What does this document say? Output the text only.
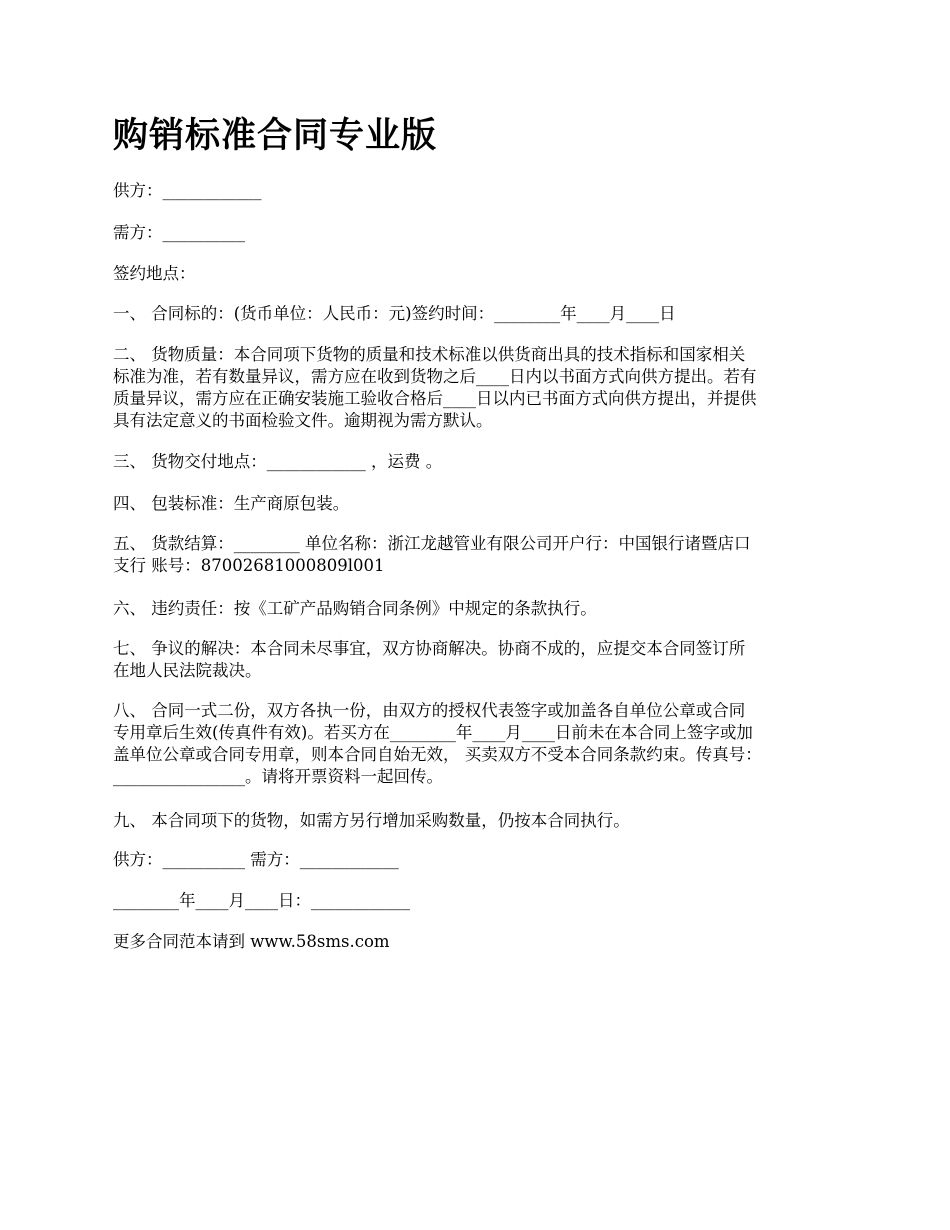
购销标准合同专业版

供方：____________

需方：__________

签约地点：

一、 合同标的：(货币单位：人民币：元)签约时间：________年____月____日

二、 货物质量：本合同项下货物的质量和技术标准以供货商出具的技术指标和国家相关
标准为准，若有数量异议，需方应在收到货物之后____日内以书面方式向供方提出。若有
质量异议，需方应在正确安装施工验收合格后____日以内已书面方式向供方提出，并提供
具有法定意义的书面检验文件。逾期视为需方默认。

三、 货物交付地点：____________ ，运费 。

四、 包装标准：生产商原包装。

五、 货款结算：________ 单位名称：浙江龙越管业有限公司开户行：中国银行诸暨店口
支行 账号：87002681000809l001

六、 违约责任：按《工矿产品购销合同条例》中规定的条款执行。

七、 争议的解决：本合同未尽事宜，双方协商解决。协商不成的，应提交本合同签订所
在地人民法院裁决。

八、 合同一式二份，双方各执一份，由双方的授权代表签字或加盖各自单位公章或合同
专用章后生效(传真件有效)。若买方在________年____月____日前未在本合同上签字或加
盖单位公章或合同专用章，则本合同自始无效， 买卖双方不受本合同条款约束。传真号：
________________。请将开票资料一起回传。

九、 本合同项下的货物，如需方另行增加采购数量，仍按本合同执行。

供方：__________ 需方：____________

________年____月____日：____________

更多合同范本请到 www.58sms.com
